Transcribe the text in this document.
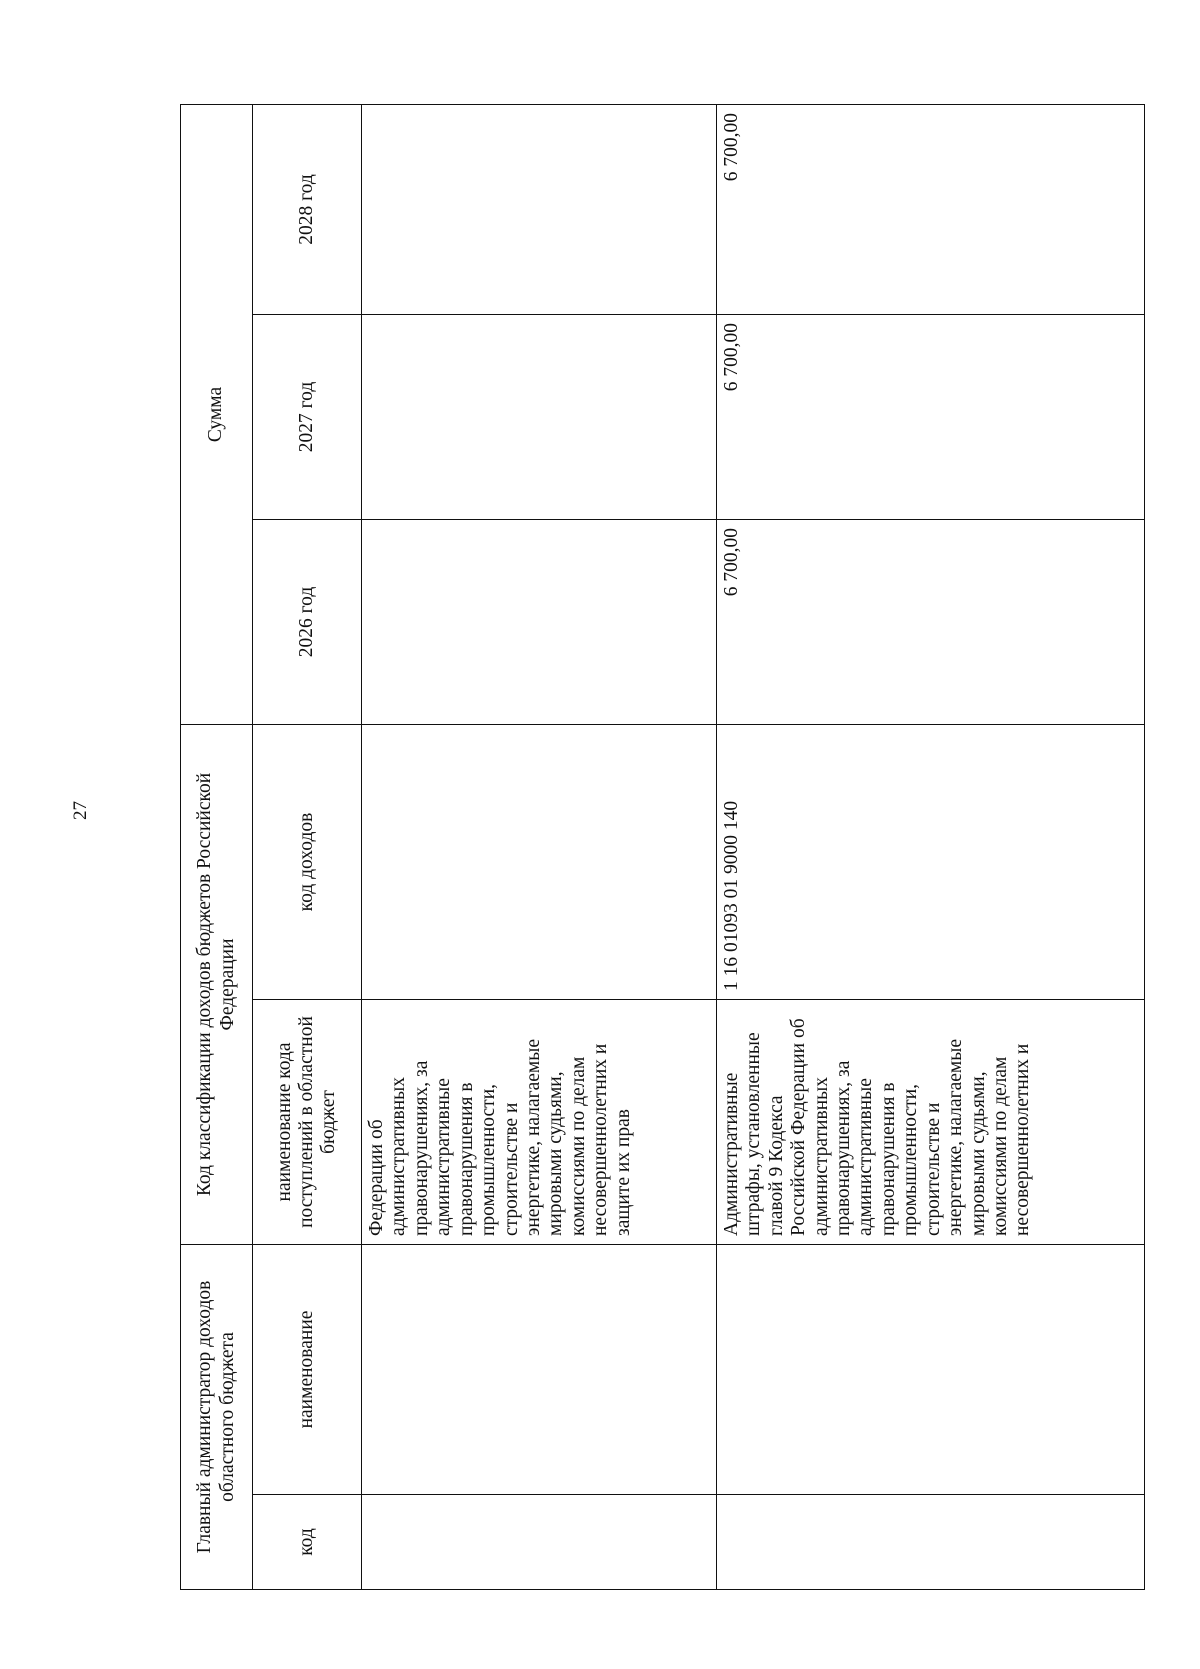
27
Главный администратор доходов областного бюджета		Код классификации доходов бюджетов Российской Федерации		Сумма		
код	наименование	наименование кода поступлений в областной бюджет	код доходов	2026 год	2027 год	2028 год
		Федерации об административных правонарушениях, за административные правонарушения в промышленности, строительстве и энергетике, налагаемые мировыми судьями, комиссиями по делам несовершеннолетних и защите их прав				
		Административные штрафы, установленные главой 9 Кодекса Российской Федерации об административных правонарушениях, за административные правонарушения в промышленности, строительстве и энергетике, налагаемые мировыми судьями, комиссиями по делам несовершеннолетних и	1 16 01093 01 9000 140	6 700,00	6 700,00	6 700,00
